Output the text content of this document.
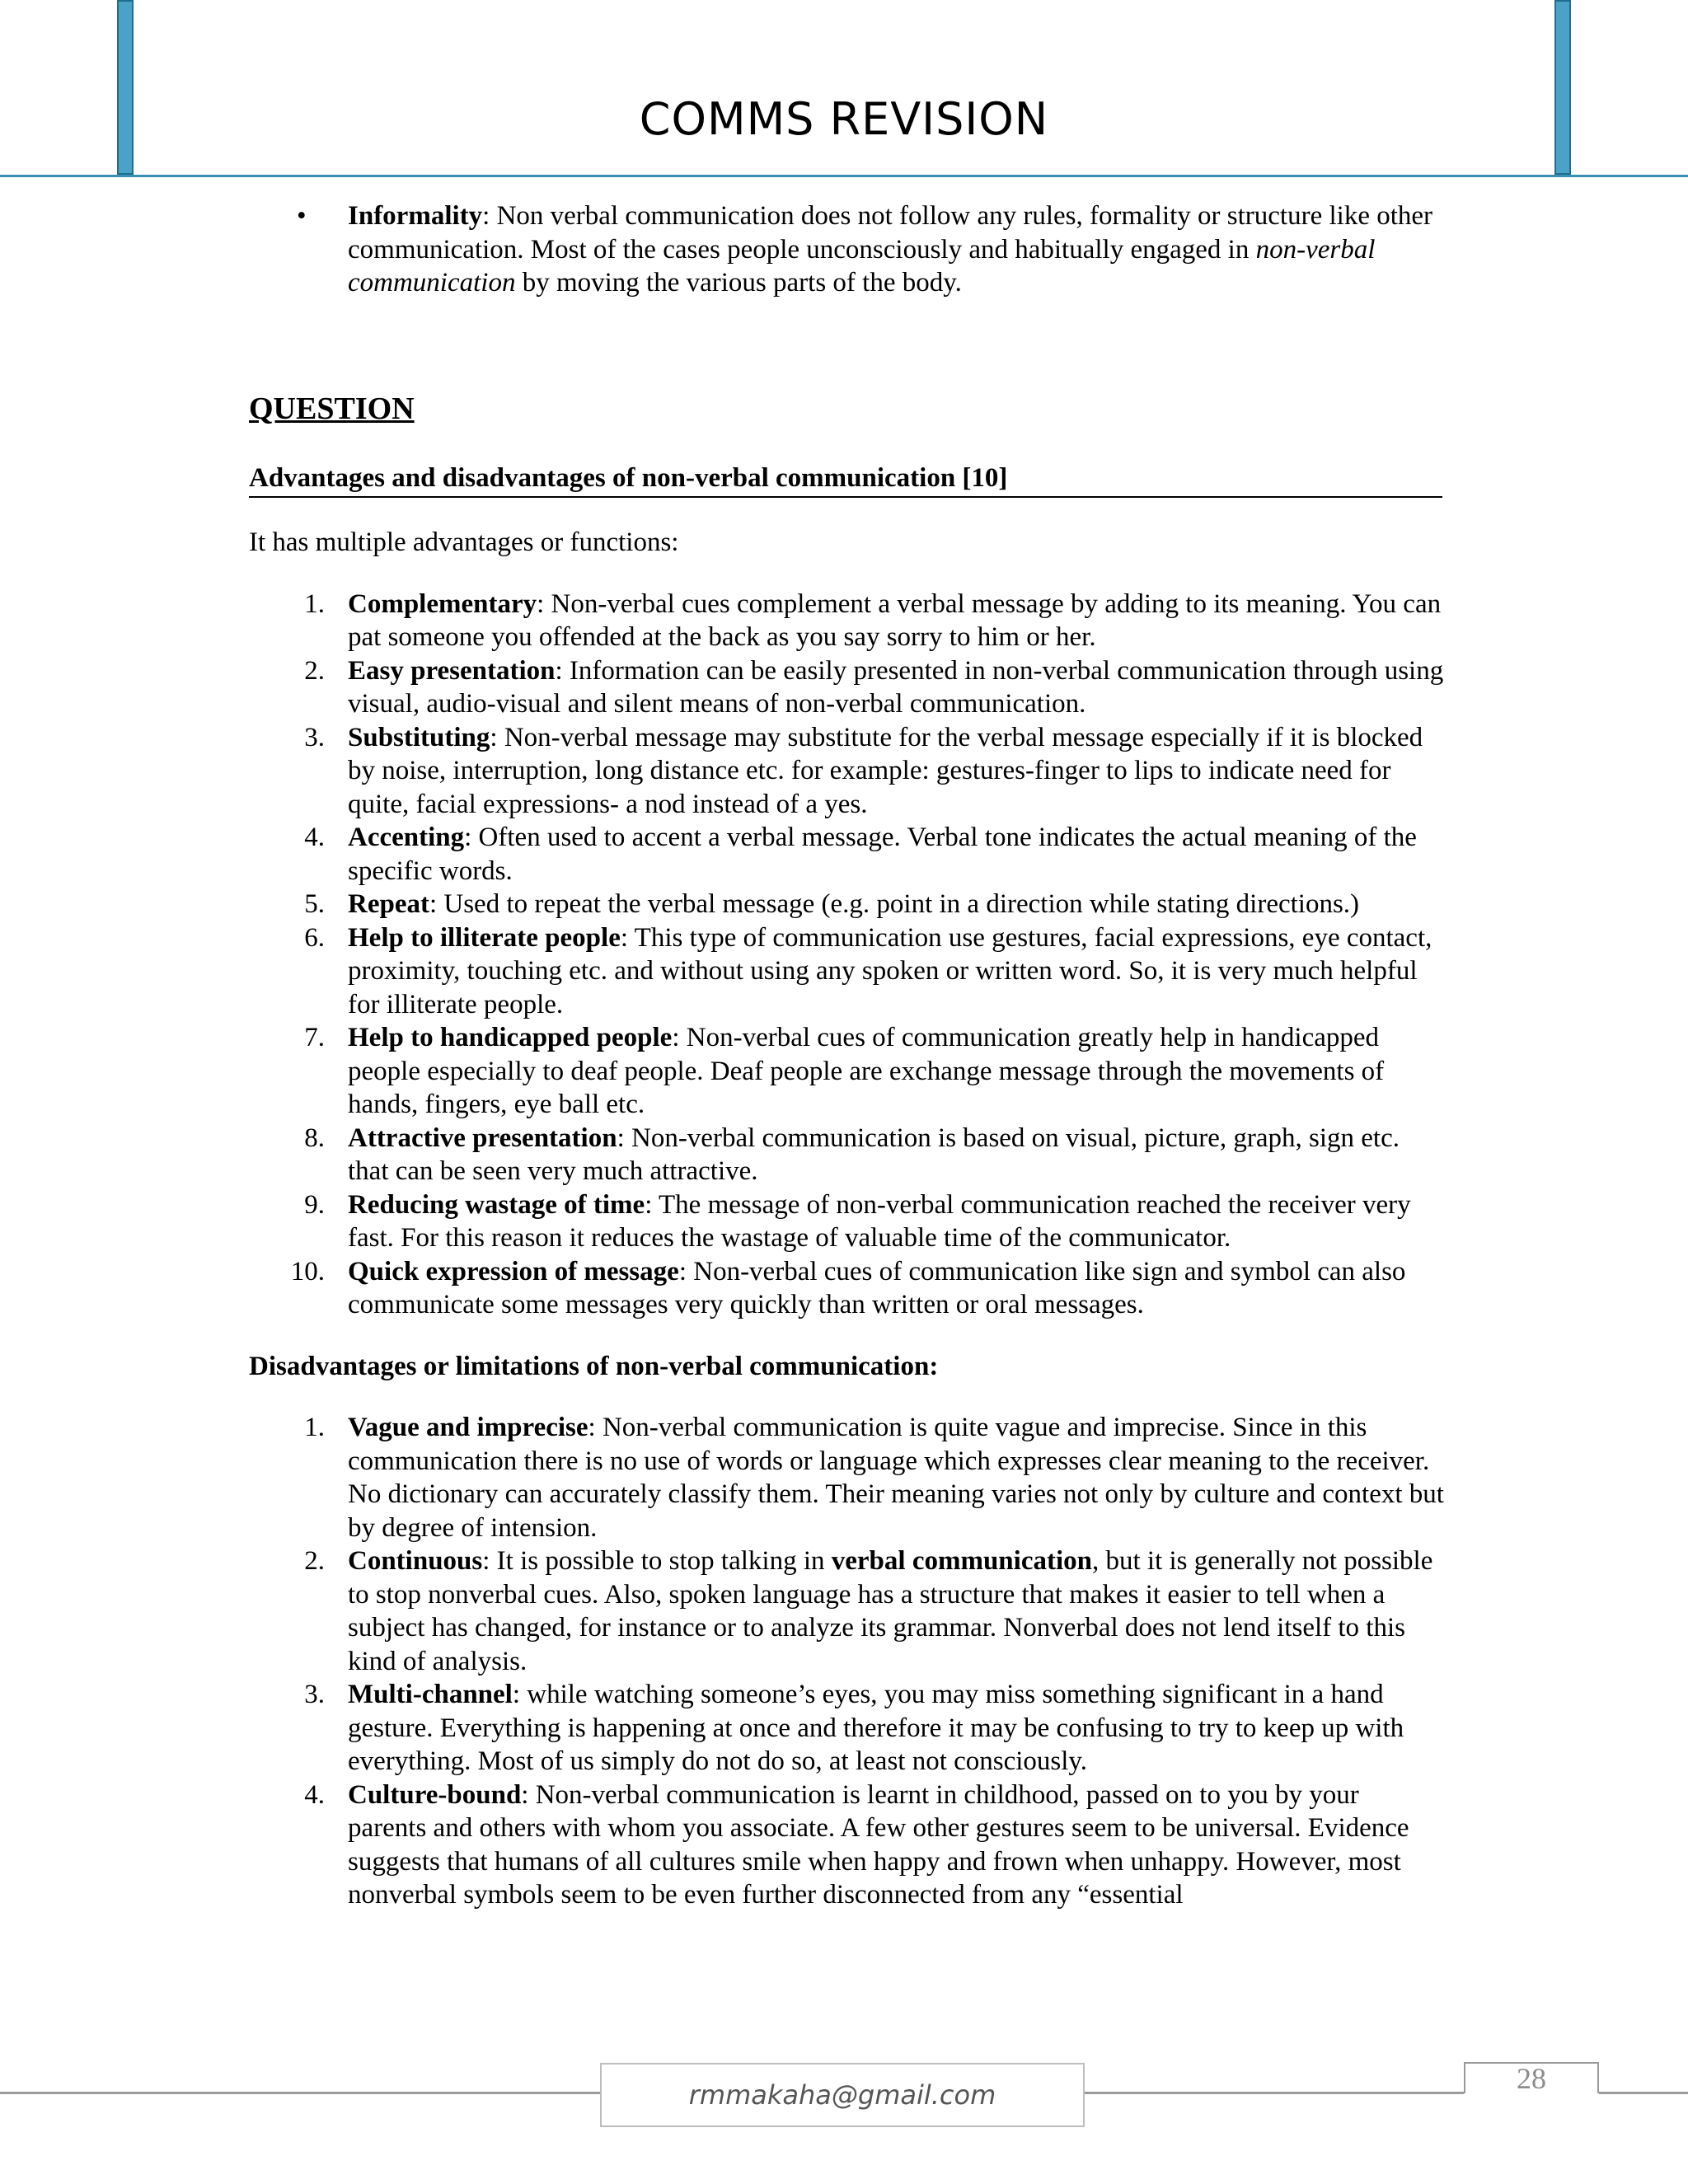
COMMS REVISION
• Informality: Non verbal communication does not follow any rules, formality or structure like other communication. Most of the cases people unconsciously and habitually engaged in non-verbal communication by moving the various parts of the body.
QUESTION
Advantages and disadvantages of non-verbal communication [10]
It has multiple advantages or functions:
1. Complementary: Non-verbal cues complement a verbal message by adding to its meaning. You can pat someone you offended at the back as you say sorry to him or her.
2. Easy presentation: Information can be easily presented in non-verbal communication through using visual, audio-visual and silent means of non-verbal communication.
3. Substituting: Non-verbal message may substitute for the verbal message especially if it is blocked by noise, interruption, long distance etc. for example: gestures-finger to lips to indicate need for quite, facial expressions- a nod instead of a yes.
4. Accenting: Often used to accent a verbal message. Verbal tone indicates the actual meaning of the specific words.
5. Repeat: Used to repeat the verbal message (e.g. point in a direction while stating directions.)
6. Help to illiterate people: This type of communication use gestures, facial expressions, eye contact, proximity, touching etc. and without using any spoken or written word. So, it is very much helpful for illiterate people.
7. Help to handicapped people: Non-verbal cues of communication greatly help in handicapped people especially to deaf people. Deaf people are exchange message through the movements of hands, fingers, eye ball etc.
8. Attractive presentation: Non-verbal communication is based on visual, picture, graph, sign etc. that can be seen very much attractive.
9. Reducing wastage of time: The message of non-verbal communication reached the receiver very fast. For this reason it reduces the wastage of valuable time of the communicator.
10. Quick expression of message: Non-verbal cues of communication like sign and symbol can also communicate some messages very quickly than written or oral messages.
Disadvantages or limitations of non-verbal communication:
1. Vague and imprecise: Non-verbal communication is quite vague and imprecise. Since in this communication there is no use of words or language which expresses clear meaning to the receiver. No dictionary can accurately classify them. Their meaning varies not only by culture and context but by degree of intension.
2. Continuous: It is possible to stop talking in verbal communication, but it is generally not possible to stop nonverbal cues. Also, spoken language has a structure that makes it easier to tell when a subject has changed, for instance or to analyze its grammar. Nonverbal does not lend itself to this kind of analysis.
3. Multi-channel: while watching someone’s eyes, you may miss something significant in a hand gesture. Everything is happening at once and therefore it may be confusing to try to keep up with everything. Most of us simply do not do so, at least not consciously.
4. Culture-bound: Non-verbal communication is learnt in childhood, passed on to you by your parents and others with whom you associate. A few other gestures seem to be universal. Evidence suggests that humans of all cultures smile when happy and frown when unhappy. However, most nonverbal symbols seem to be even further disconnected from any “essential
rmmakaha@gmail.com	28
